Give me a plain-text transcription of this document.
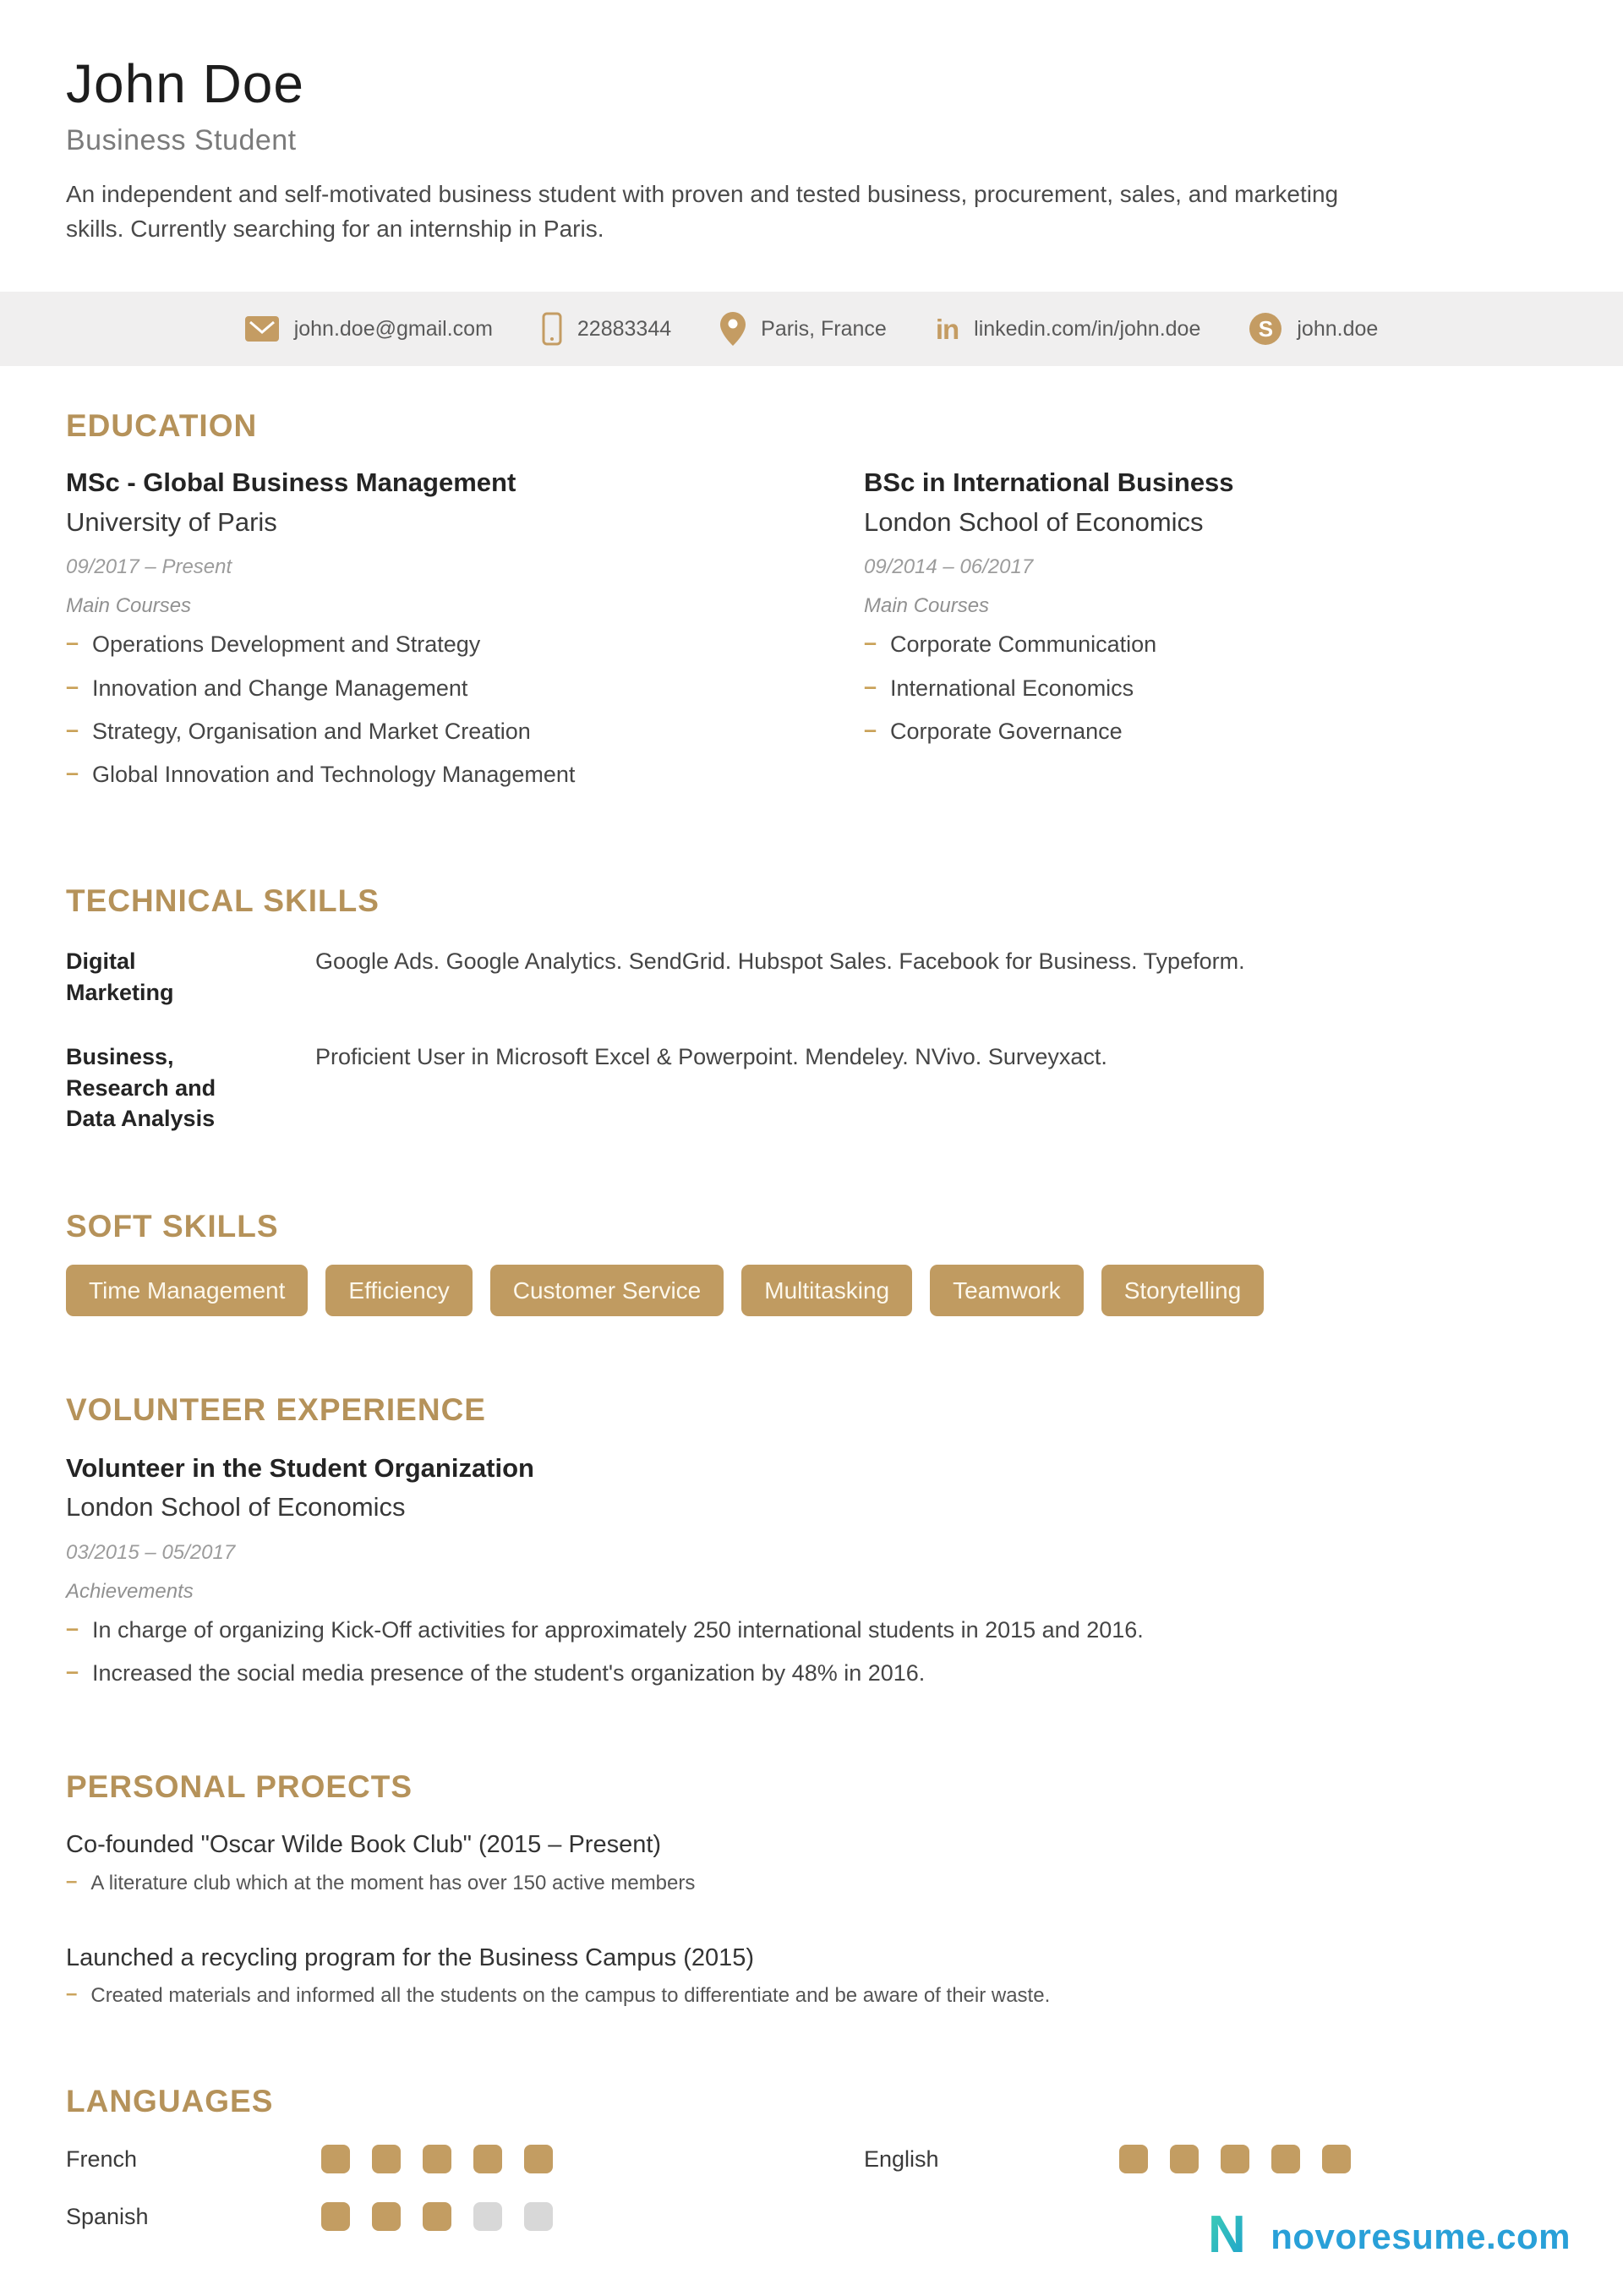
John Doe
Business Student

An independent and self-motivated business student with proven and tested business, procurement, sales, and marketing skills. Currently searching for an internship in Paris.

john.doe@gmail.com	22883344	Paris, France in linkedin.com/in/john.doe	S	john.doe
EDUCATION
MSc - Global Business Management
University of Paris
09/2017 – Present
Main Courses
– Operations Development and Strategy
– Innovation and Change Management
– Strategy, Organisation and Market Creation
– Global Innovation and Technology Management
BSc in International Business
London School of Economics
09/2014 – 06/2017
Main Courses
– Corporate Communication
– International Economics
– Corporate Governance
TECHNICAL SKILLS
Digital Marketing
Google Ads. Google Analytics. SendGrid. Hubspot Sales. Facebook for Business. Typeform.
Business, Research and Data Analysis
Proficient User in Microsoft Excel & Powerpoint. Mendeley. NVivo. Surveyxact.
SOFT SKILLS
Time Management	Efficiency	Customer Service	Multitasking	Teamwork	Storytelling
VOLUNTEER EXPERIENCE
Volunteer in the Student Organization
London School of Economics
03/2015 – 05/2017
Achievements
– In charge of organizing Kick-Off activities for approximately 250 international students in 2015 and 2016.
– Increased the social media presence of the student's organization by 48% in 2016.
PERSONAL PROECTS
Co-founded "Oscar Wilde Book Club" (2015 – Present)
– A literature club which at the moment has over 150 active members
Launched a recycling program for the Business Campus (2015)
– Created materials and informed all the students on the campus to differentiate and be aware of their waste.
LANGUAGES
French
Spanish
English
N novoresume.com
